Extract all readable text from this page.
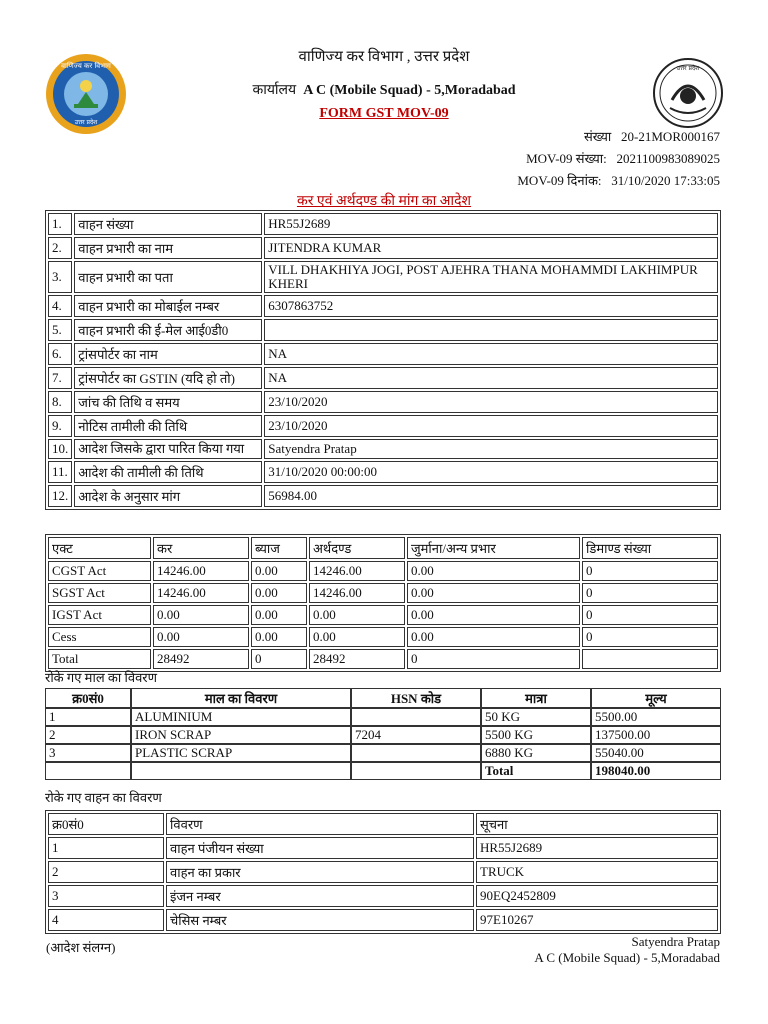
वाणिज्य कर विभाग
उत्तर प्रदेश
उत्तर प्रदेश
वाणिज्य कर विभाग , उत्तर प्रदेश
कार्यालय A C (Mobile Squad) - 5,Moradabad
FORM GST MOV-09
संख्या 20-21MOR000167
MOV-09 संख्या: 2021100983089025
MOV-09 दिनांक: 31/10/2020 17:33:05
कर एवं अर्थदण्ड की मांग का आदेश
1.	वाहन संख्या	HR55J2689
2.	वाहन प्रभारी का नाम	JITENDRA KUMAR
3.	वाहन प्रभारी का पता	VILL DHAKHIYA JOGI, POST AJEHRA THANA MOHAMMDI LAKHIMPUR KHERI
4.	वाहन प्रभारी का मोबाईल नम्बर	6307863752
5.	वाहन प्रभारी की ई-मेल आई0डी0	
6.	ट्रांसपोर्टर का नाम	NA
7.	ट्रांसपोर्टर का GSTIN (यदि हो तो)	NA
8.	जांच की तिथि व समय	23/10/2020
9.	नोटिस तामीली की तिथि	23/10/2020
10.	आदेश जिसके द्वारा पारित किया गया	Satyendra Pratap
11.	आदेश की तामीली की तिथि	31/10/2020 00:00:00
12.	आदेश के अनुसार मांग	56984.00
एक्ट	कर	ब्याज	अर्थदण्ड	जुर्माना/अन्य प्रभार	डिमाण्ड संख्या
CGST Act	14246.00	0.00	14246.00	0.00	0
SGST Act	14246.00	0.00	14246.00	0.00	0
IGST Act	0.00	0.00	0.00	0.00	0
Cess	0.00	0.00	0.00	0.00	0
Total	28492	0	28492	0	
रोके गए माल का विवरण
क्र0सं0	माल का विवरण	HSN कोड	मात्रा	मूल्य
1	ALUMINIUM		50 KG	5500.00
2	IRON SCRAP	7204	5500 KG	137500.00
3	PLASTIC SCRAP		6880 KG	55040.00
			Total	198040.00
रोके गए वाहन का विवरण
क्र0सं0	विवरण	सूचना
1	वाहन पंजीयन संख्या	HR55J2689
2	वाहन का प्रकार	TRUCK
3	इंजन नम्बर	90EQ2452809
4	चेसिस नम्बर	97E10267
(आदेश संलग्न)	Satyendra Pratap
A C (Mobile Squad) - 5,Moradabad
